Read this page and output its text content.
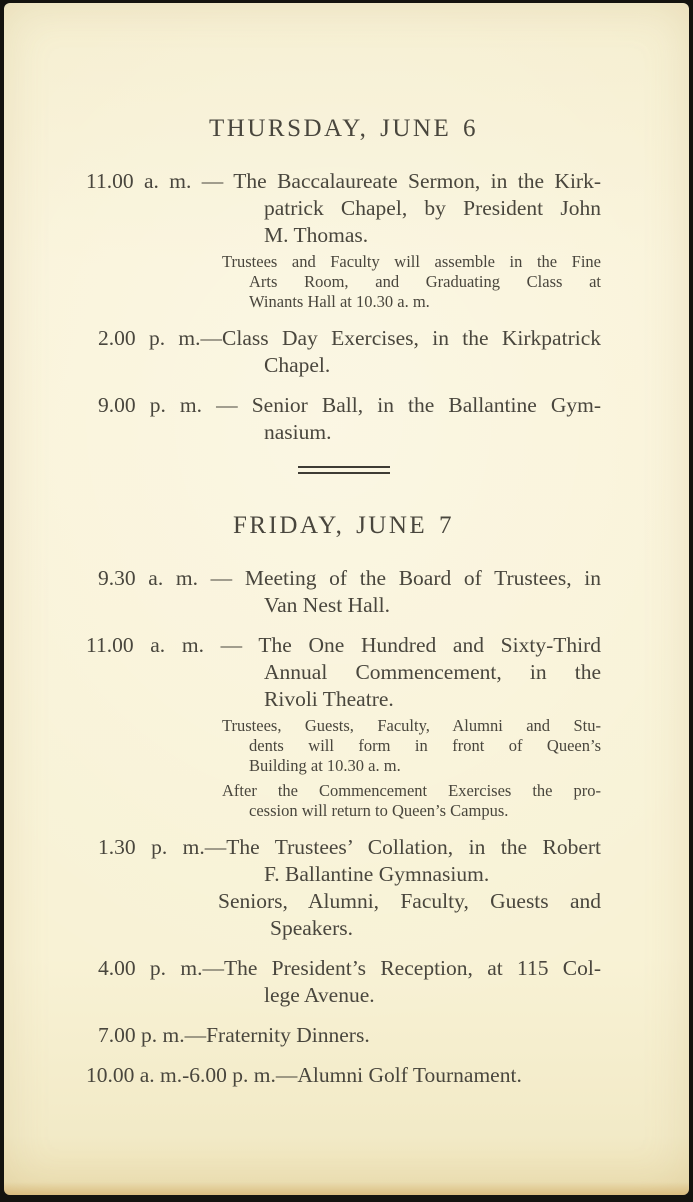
THURSDAY, JUNE 6
11.00 a. m. — The Baccalaureate Sermon, in the Kirk-
patrick Chapel, by President John
M. Thomas.
Trustees and Faculty will assemble in the Fine
Arts Room, and Graduating Class at
Winants Hall at 10.30 a. m.
2.00 p. m.—Class Day Exercises, in the Kirkpatrick
Chapel.
9.00 p. m. — Senior Ball, in the Ballantine Gym-
nasium.
FRIDAY, JUNE 7
9.30 a. m. — Meeting of the Board of Trustees, in
Van Nest Hall.
11.00 a. m. — The One Hundred and Sixty-Third
Annual Commencement, in the
Rivoli Theatre.
Trustees, Guests, Faculty, Alumni and Stu-
dents will form in front of Queen’s
Building at 10.30 a. m.
After the Commencement Exercises the pro-
cession will return to Queen’s Campus.
1.30 p. m.—The Trustees’ Collation, in the Robert
F. Ballantine Gymnasium.
Seniors, Alumni, Faculty, Guests and
Speakers.
4.00 p. m.—The President’s Reception, at 115 Col-
lege Avenue.
7.00 p. m.—Fraternity Dinners.
10.00 a. m.-6.00 p. m.—Alumni Golf Tournament.
